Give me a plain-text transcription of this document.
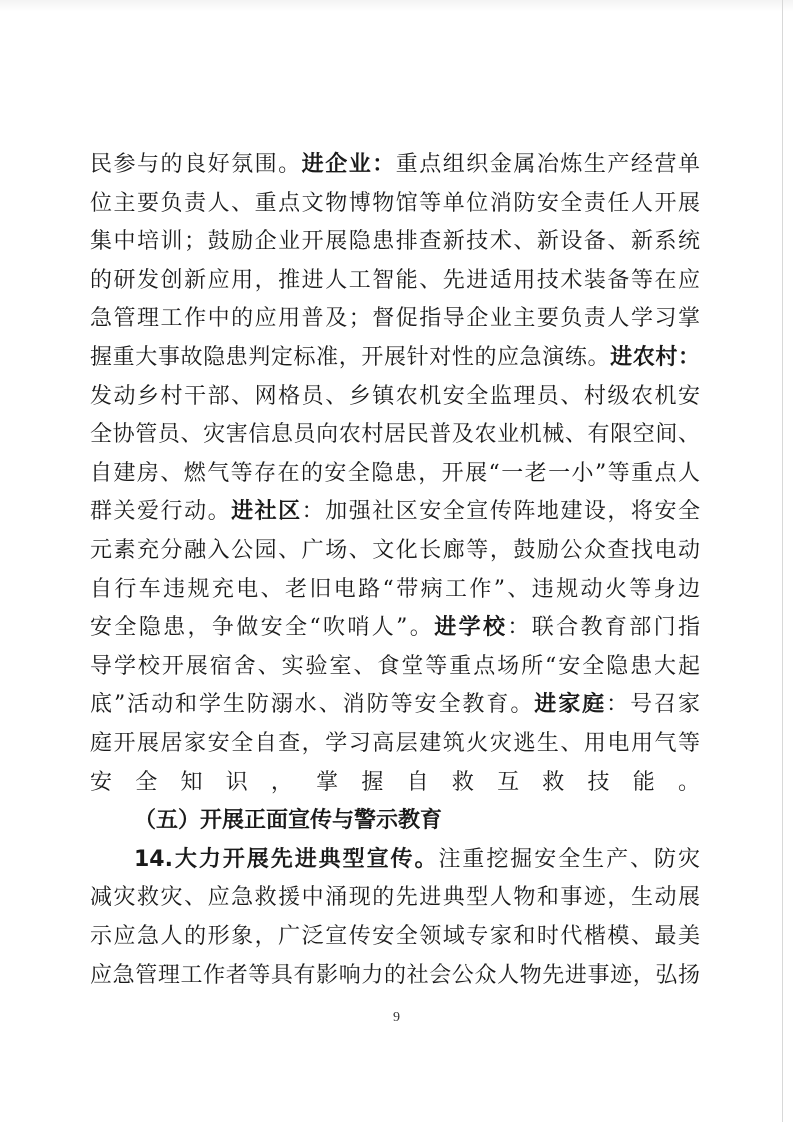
民参与的良好氛围。进企业：重点组织金属冶炼生产经营单
位主要负责人、重点文物博物馆等单位消防安全责任人开展
集中培训；鼓励企业开展隐患排查新技术、新设备、新系统
的研发创新应用，推进人工智能、先进适用技术装备等在应
急管理工作中的应用普及；督促指导企业主要负责人学习掌
握重大事故隐患判定标准，开展针对性的应急演练。进农村：
发动乡村干部、网格员、乡镇农机安全监理员、村级农机安
全协管员、灾害信息员向农村居民普及农业机械、有限空间、
自建房、燃气等存在的安全隐患，开展“一老一小”等重点人
群关爱行动。进社区：加强社区安全宣传阵地建设，将安全
元素充分融入公园、广场、文化长廊等，鼓励公众查找电动
自行车违规充电、老旧电路“带病工作”、违规动火等身边
安全隐患，争做安全“吹哨人”。进学校：联合教育部门指
导学校开展宿舍、实验室、食堂等重点场所“安全隐患大起
底”活动和学生防溺水、消防等安全教育。进家庭：号召家
庭开展居家安全自查，学习高层建筑火灾逃生、用电用气等
安全知识，掌握自救互救技能。
（五）开展正面宣传与警示教育
14.大力开展先进典型宣传。注重挖掘安全生产、防灾
减灾救灾、应急救援中涌现的先进典型人物和事迹，生动展
示应急人的形象，广泛宣传安全领域专家和时代楷模、最美
应急管理工作者等具有影响力的社会公众人物先进事迹，弘扬
9
